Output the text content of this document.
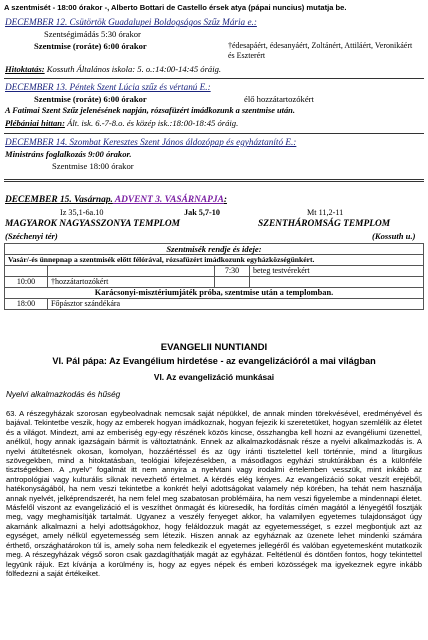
A szentmisét - 18:00 órakor -, Alberto Bottari de Castello érsek atya (pápai nuncius) mutatja be.
DECEMBER 12. Csütörtök Guadalupei Boldogságos Szűz Mária e.:
Szentségimádás 5:30 órakor
Szentmise (roráte) 6:00 órakor	†édesapáért, édesanyáért, Zoltánért, Attiláért, Veronikáért és Eszterért
Hitoktatás: Kossuth Általános iskola: 5. o.:14:00-14:45 óráig.
DECEMBER 13. Péntek Szent Lúcia szűz és vértanú E.:
Szentmise (roráte) 6:00 órakor	élő hozzátartozókért
A Fatimai Szent Szűz jelenésének napján, rózsafüzért imádkozunk a szentmise után.
Plébániai hittan: Ált. isk. 6.-7-8.o. és közép isk.:18:00-18:45 óráig.
DECEMBER 14. Szombat Keresztes Szent János áldozópap és egyháztanító E.:
Ministráns foglalkozás 9:00 órakor.
Szentmise 18:00 órakor
DECEMBER 15. Vasárnap. ADVENT 3. VASÁRNAPJA:
Iz 35,1-6a.10	Jak 5,7-10	Mt 11,2-11
MAGYAROK NAGYASSZONYA TEMPLOM	SZENTHÁROMSÁG TEMPLOM
(Széchenyi tér)	(Kossuth u.)
Szentmisék rendje és ideje:			
Vasár/-és ünnepnap a szentmisék előtt félórával, rózsafüzért imádkozunk egyházközségünkért.			
		7:30	beteg testvérekért
10:00	†hozzátartozókért		
Karácsonyi-misztériumjáték próba, szentmise után a templomban.			
18:00	Főpásztor szándékára		
EVANGELII NUNTIANDI
VI. Pál pápa: Az Evangélium hirdetése - az evangelizációról a mai világban
VI. Az evangelizáció munkásai
Nyelvi alkalmazkodás és hűség
63. A részegyházak szorosan egybeolvadnak nemcsak saját népükkel, de annak minden törekvésével, eredményével és bajával. Tekintetbe veszik, hogy az emberek hogyan imádkoznak, hogyan fejezik ki szeretetüket, hogyan szemlélik az életet és a világot. Mindezt, ami az emberiség egy-egy részének közös kincse, összhangba kell hozni az evangéliumi üzenettel, anélkül, hogy annak igazságain bármit is változtatnánk. Ennek az alkalmazkodásnak része a nyelvi alkalmazkodás is. A nyelvi átültetésnek okosan, komolyan, hozzáértéssel és az ügy iránti tisztelettel kell történnie, mind a liturgikus szövegekben, mind a hitoktatásban, teológiai kifejezésekben, a másodlagos egyházi struktúrákban és a különféle tisztségekben. A „nyelv” fogalmát itt nem annyira a nyelvtani vagy irodalmi értelemben vesszük, mint inkább az antropológiai vagy kulturális síknak nevezhető értelmet. A kérdés elég kényes. Az evangelizáció sokat veszít erejéből, hatékonyságából, ha nem veszi tekintetbe a konkrét helyi adottságokat valamely nép körében, ha tehát nem használja annak nyelvét, jelképrendszerét, ha nem felel meg szabatosan problémáira, ha nem veszi figyelembe a mindennapi életet. Másfelől viszont az evangelizáció el is veszíthet önmagát és kiüresedik, ha fordítás címén magától a lényegétől fosztják meg, vagy meghamisítják tartalmát. Ugyanez a veszély fenyeget akkor, ha valamilyen egyetemes tulajdonságot úgy akarnánk alkalmazni a helyi adottságokhoz, hogy feláldozzuk magát az egyetemességet, s ezzel megbontjuk azt az egységet, amely nélkül egyetemesség sem létezik. Hiszen annak az egyháznak az üzenete lehet mindenki számára érthető, országhatárokon túl is, amely soha nem feledkezik el egyetemes jellegéről és valóban egyetemesként mutatkozik meg. A részegyházak végső soron csak gazdagíthatják magát az egyházat. Feltétlenül és döntően fontos, hogy tekintettel legyünk rájuk. Ezt kívánja a korülmény is, hogy az egyes népek és emberi közösségek ma igyekeznek egyre inkább fölfedezni a saját értékeiket.
